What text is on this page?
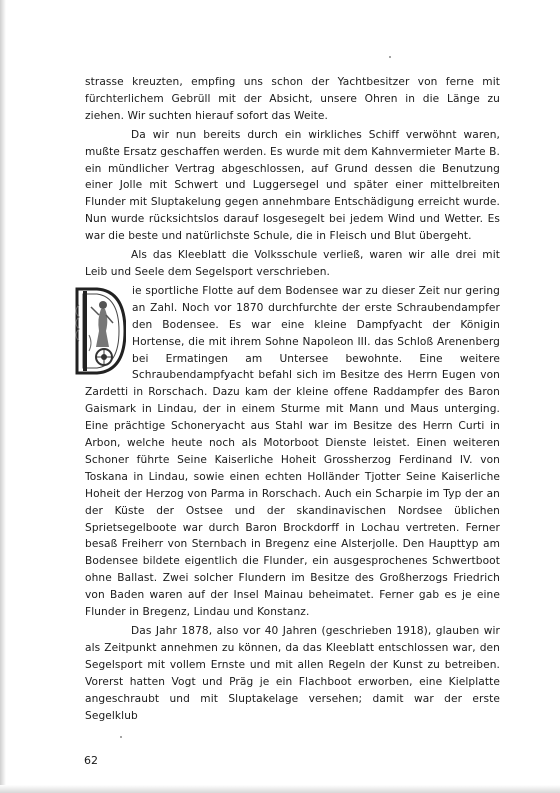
strasse kreuzten, empfing uns schon der Yachtbesitzer von ferne mit fürchterlichem Gebrüll mit der Absicht, unsere Ohren in die Länge zu ziehen. Wir suchten hierauf sofort das Weite.

Da wir nun bereits durch ein wirkliches Schiff verwöhnt waren, mußte Ersatz geschaffen werden. Es wurde mit dem Kahnvermieter Marte B. ein mündlicher Vertrag abgeschlossen, auf Grund dessen die Benutzung einer Jolle mit Schwert und Luggersegel und später einer mittelbreiten Flunder mit Sluptakelung gegen annehmbare Entschädigung erreicht wurde. Nun wurde rücksichtslos darauf losgesegelt bei jedem Wind und Wetter. Es war die beste und natürlichste Schule, die in Fleisch und Blut übergeht.

Als das Kleeblatt die Volksschule verließ, waren wir alle drei mit Leib und Seele dem Segelsport verschrieben.

ie sportliche Flotte auf dem Bodensee war zu dieser Zeit nur gering an Zahl. Noch vor 1870 durchfurchte der erste Schraubendampfer den Bodensee. Es war eine kleine Dampfyacht der Königin Hortense, die mit ihrem Sohne Napoleon III. das Schloß Arenenberg bei Ermatingen am Untersee bewohnte. Eine weitere Schraubendampfyacht befahl sich im Besitze des Herrn Eugen von Zardetti in Rorschach. Dazu kam der kleine offene Raddampfer des Baron Gaismark in Lindau, der in einem Sturme mit Mann und Maus unterging. Eine prächtige Schoneryacht aus Stahl war im Besitze des Herrn Curti in Arbon, welche heute noch als Motorboot Dienste leistet. Einen weiteren Schoner führte Seine Kaiserliche Hoheit Grossherzog Ferdinand IV. von Toskana in Lindau, sowie einen echten Holländer Tjotter Seine Kaiserliche Hoheit der Herzog von Parma in Rorschach. Auch ein Scharpie im Typ der an der Küste der Ostsee und der skandinavischen Nordsee üblichen Sprietsegelboote war durch Baron Brockdorff in Lochau vertreten. Ferner besaß Freiherr von Sternbach in Bregenz eine Alsterjolle. Den Haupttyp am Bodensee bildete eigentlich die Flunder, ein ausgesprochenes Schwertboot ohne Ballast. Zwei solcher Flundern im Besitze des Großherzogs Friedrich von Baden waren auf der Insel Mainau beheimatet. Ferner gab es je eine Flunder in Bregenz, Lindau und Konstanz.

Das Jahr 1878, also vor 40 Jahren (geschrieben 1918), glauben wir als Zeitpunkt annehmen zu können, da das Kleeblatt entschlossen war, den Segelsport mit vollem Ernste und mit allen Regeln der Kunst zu betreiben. Vorerst hatten Vogt und Präg je ein Flachboot erworben, eine Kielplatte angeschraubt und mit Sluptakelage versehen; damit war der erste Segelklub

62
